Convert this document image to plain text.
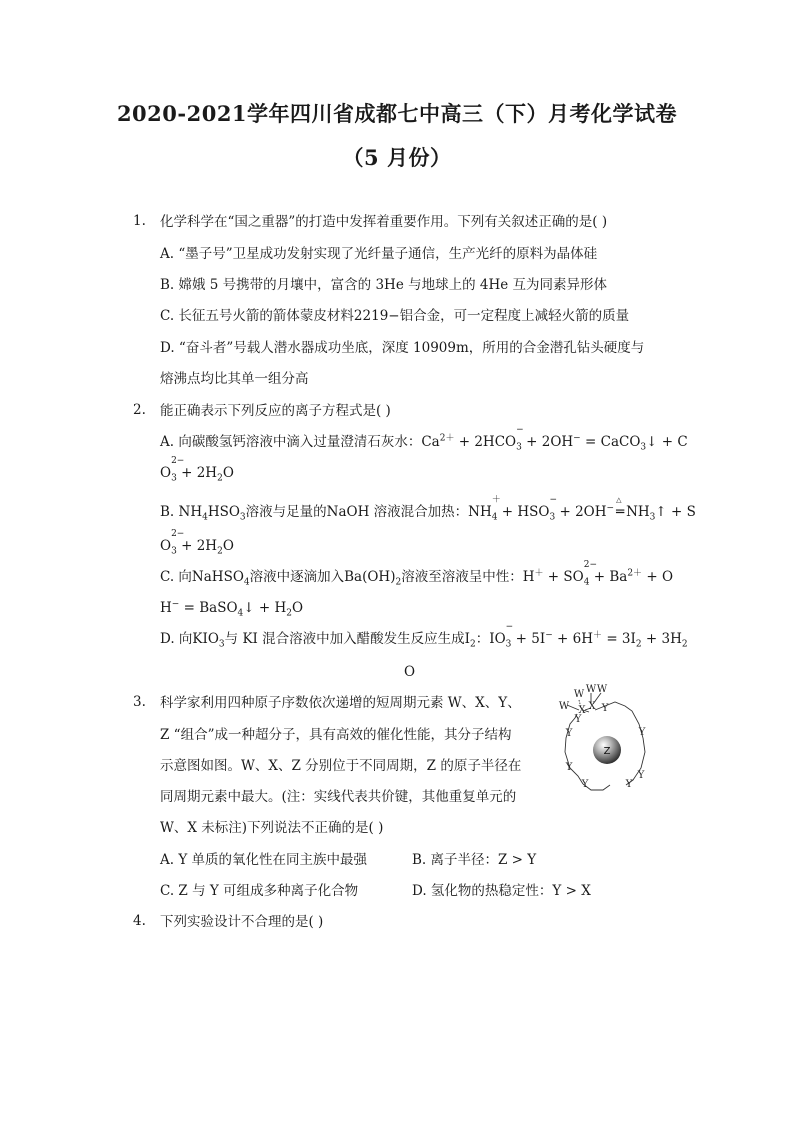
2020-2021学年四川省成都七中高三（下）月考化学试卷
（5 月份）
1. 化学科学在“国之重器”的打造中发挥着重要作用。下列有关叙述正确的是( )
A. “墨子号”卫星成功发射实现了光纤量子通信，生产光纤的原料为晶体硅
B. 嫦娥 5 号携带的月壤中，富含的 3He 与地球上的 4He 互为同素异形体
C. 长征五号火箭的箭体蒙皮材料2219−铝合金，可一定程度上减轻火箭的质量
D. “奋斗者”号载人潜水器成功坐底，深度 10909m，所用的合金潜孔钻头硬度与
熔沸点均比其单一组分高
2. 能正确表示下列反应的离子方程式是( )
A. 向碳酸氢钙溶液中滴入过量澄清石灰水：$Ca^{2+} + 2HCO_3$
−
+ 2OH− = CaCO$_3$↓ + C
$O_3$
2−
+ $2H_2O$
B. $NH_4HSO_3$溶液与足量的NaOH 溶液混合加热：$NH_4$
＋
+ $HSO_3$
−
+ 2OH−
△
═ $NH_3↑ + S$
$O_3$
2−
+ $2H_2O$
C. 向NaHSO$_4$溶液中逐滴加入$Ba(OH)_2$溶液至溶液呈中性：$H^+ + SO_4$
2−
+ $Ba^{2+} + O$
H− = BaSO$_4$↓ + $H_2O$
D. 向$KIO_3$与 KI 混合溶液中加入醋酸发生反应生成$I_2$：$IO_3$
−
+ $5I^- + 6H^+ = 3I_2 + 3H_2$
O
3. 科学家利用四种原子序数依次递增的短周期元素 W、X、Y、
Z “组合”成一种超分子，具有高效的催化性能，其分子结构
示意图如图。W、X、Z 分别位于不同周期，Z 的原子半径在
同周期元素中最大。(注：实线代表共价键，其他重复单元的
W、X 未标注)下列说法不正确的是( )
A. Y 单质的氧化性在同主族中最强	B. 离子半径：Z > Y
C. Z 与 Y 可组成多种离子化合物	D. 氢化物的热稳定性：Y > X
W W W
W X X Y
Y
Y	Y
Y
Y
Y	Y
Z
4. 下列实验设计不合理的是( )
